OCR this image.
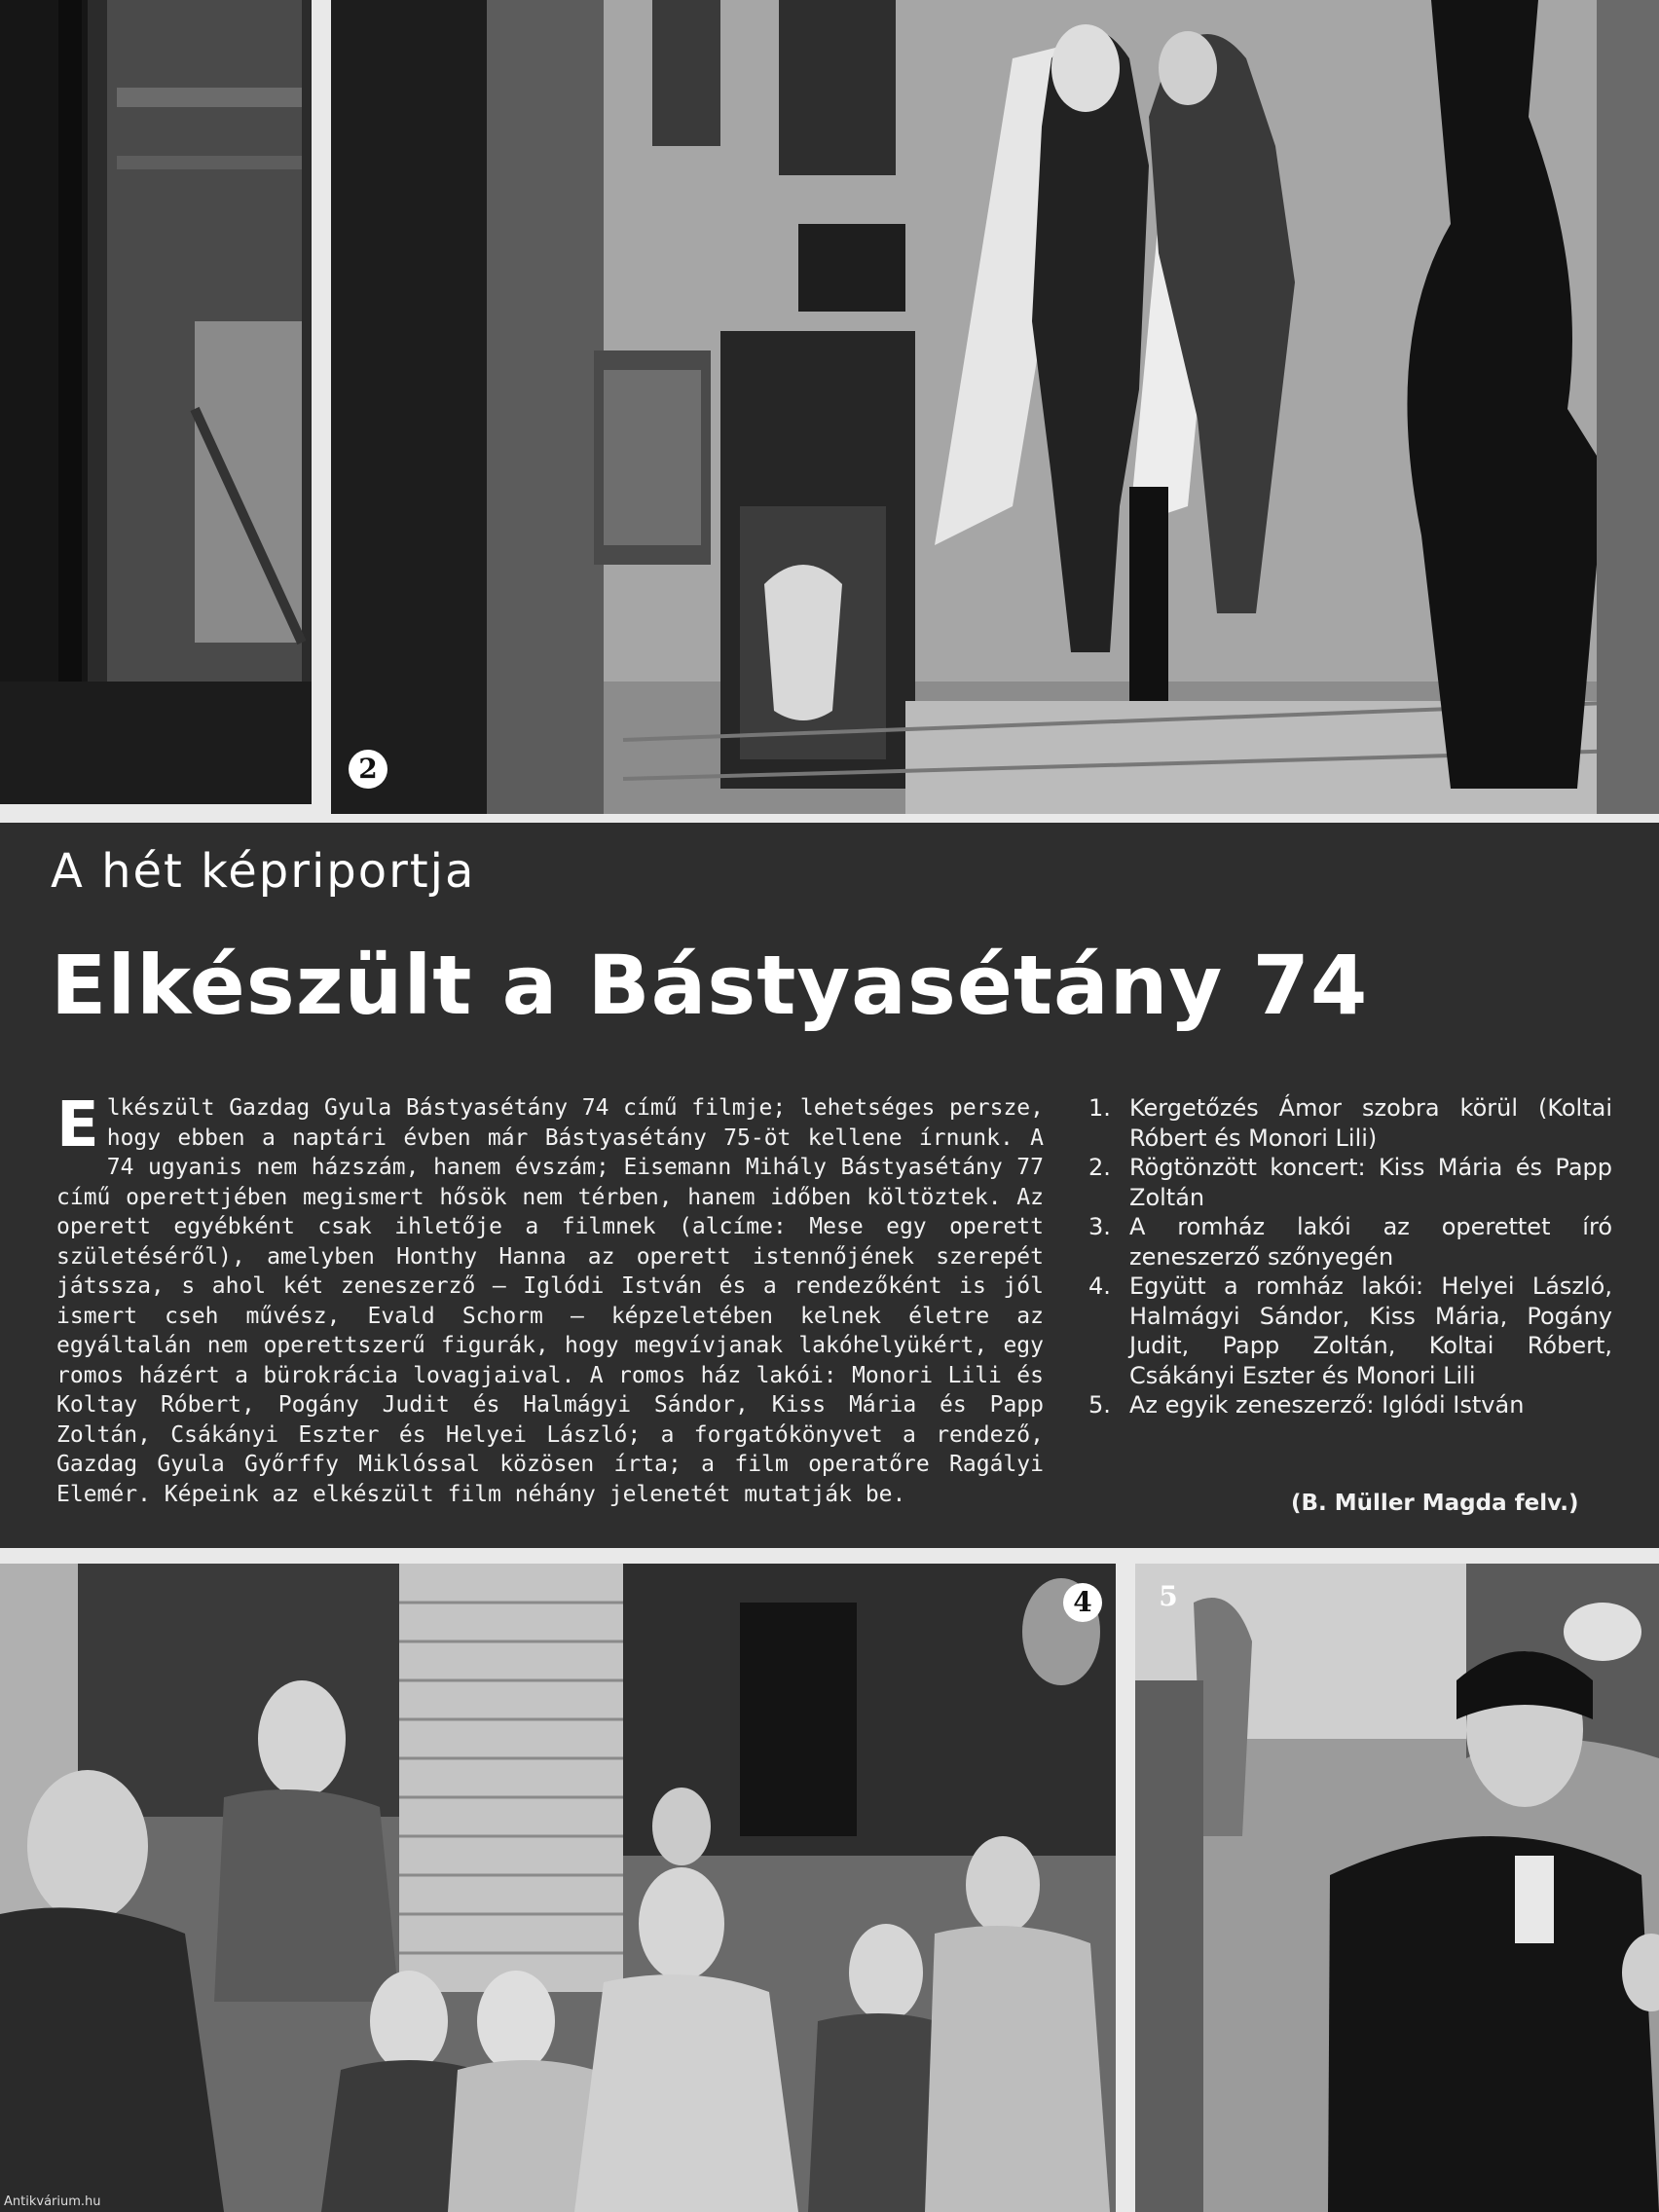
2
A hét képriportja
Elkészült a Bástyasétány 74

Elkészült Gazdag Gyula Bástyasétány 74 című filmje; lehetséges persze, hogy ebben a naptári évben már Bástyasétány 75-öt kellene írnunk. A 74 ugyanis nem házszám, hanem évszám; Eisemann Mihály Bástyasétány 77 című operettjében megismert hősök nem térben, hanem időben költöztek. Az operett egyébként csak ihletője a filmnek (alcíme: Mese egy operett születéséről), amelyben Honthy Hanna az operett istennőjének szerepét játssza, s ahol két zeneszerző – Iglódi István és a rendezőként is jól ismert cseh művész, Evald Schorm – képzeletében kelnek életre az egyáltalán nem operettszerű figurák, hogy megvívjanak lakóhelyükért, egy romos házért a bürokrácia lovagjaival. A romos ház lakói: Monori Lili és Koltay Róbert, Pogány Judit és Halmágyi Sándor, Kiss Mária és Papp Zoltán, Csákányi Eszter és Helyei László; a forgatókönyvet a rendező, Gazdag Gyula Győrffy Miklóssal közösen írta; a film operatőre Ragályi Elemér. Képeink az elkészült film néhány jelenetét mutatják be.

1. Kergetőzés Ámor szobra körül (Koltai Róbert és Monori Lili)
2. Rögtönzött koncert: Kiss Mária és Papp Zoltán
3. A romház lakói az operettet író zeneszerző szőnyegén
4. Együtt a romház lakói: Helyei László, Halmágyi Sándor, Kiss Mária, Pogány Judit, Papp Zoltán, Koltai Róbert, Csákányi Eszter és Monori Lili
5. Az egyik zeneszerző: Iglódi István
(B. Müller Magda felv.)
4	5
Antikvárium.hu
